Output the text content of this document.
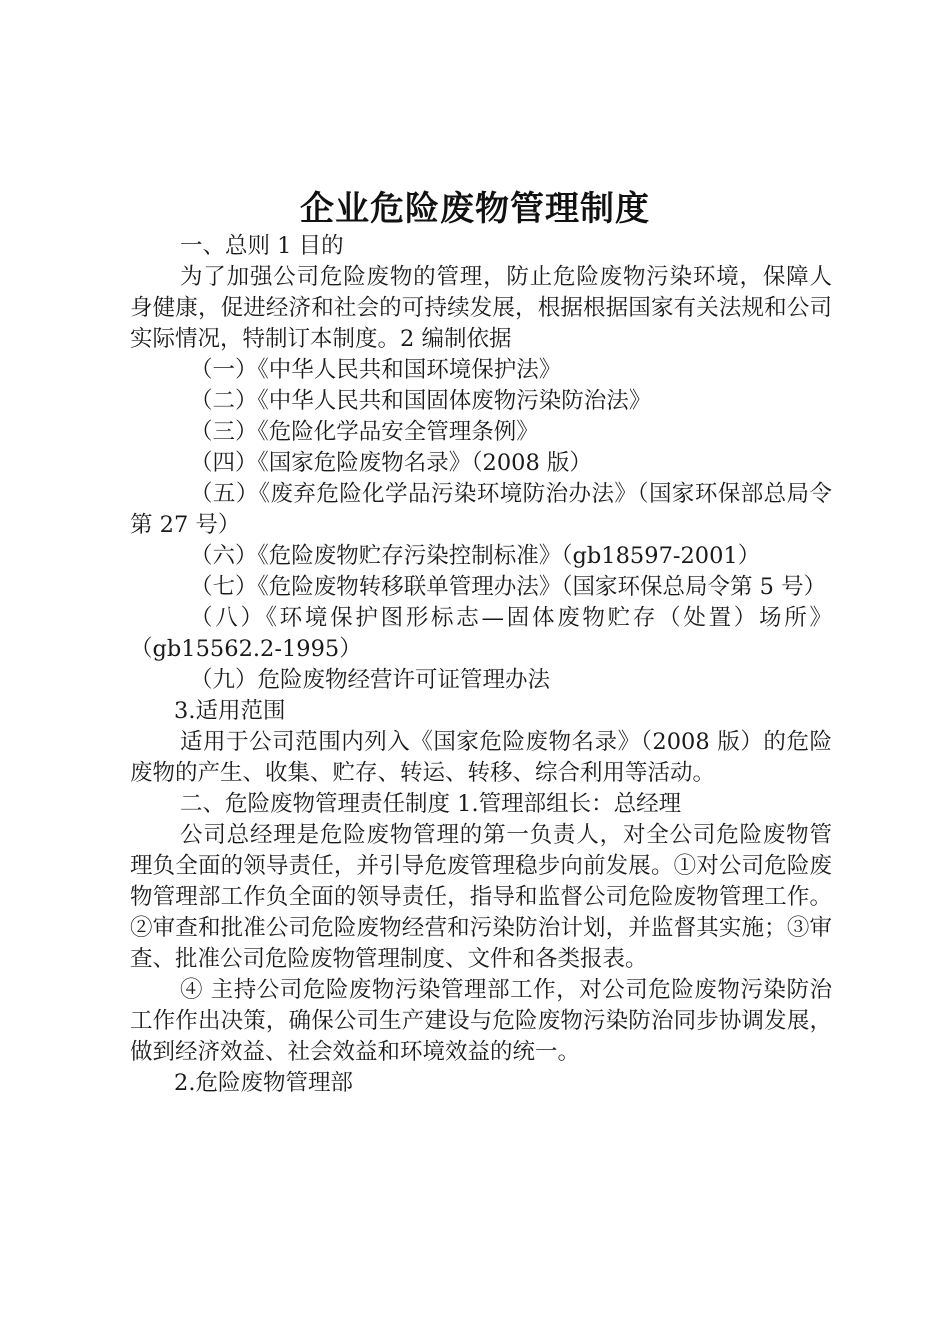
企业危险废物管理制度

一、总则 1 目的

为了加强公司危险废物的管理，防止危险废物污染环境，保障人身健康，促进经济和社会的可持续发展，根据根据国家有关法规和公司实际情况，特制订本制度。2 编制依据

（一）《中华人民共和国环境保护法》

（二）《中华人民共和国固体废物污染防治法》

（三）《危险化学品安全管理条例》

（四）《国家危险废物名录》（2008 版）

（五）《废弃危险化学品污染环境防治办法》（国家环保部总局令第 27 号）

（六）《危险废物贮存污染控制标准》（gb18597-2001）

（七）《危险废物转移联单管理办法》（国家环保总局令第 5 号）

（八）《环境保护图形标志—固体废物贮存（处置）场所》（gb15562.2-1995）

（九）危险废物经营许可证管理办法

3.适用范围

适用于公司范围内列入《国家危险废物名录》（2008 版）的危险废物的产生、收集、贮存、转运、转移、综合利用等活动。

二、危险废物管理责任制度 1.管理部组长：总经理

公司总经理是危险废物管理的第一负责人，对全公司危险废物管理负全面的领导责任，并引导危废管理稳步向前发展。①对公司危险废物管理部工作负全面的领导责任，指导和监督公司危险废物管理工作。②审查和批准公司危险废物经营和污染防治计划，并监督其实施；③审查、批准公司危险废物管理制度、文件和各类报表。

④ 主持公司危险废物污染管理部工作，对公司危险废物污染防治工作作出决策，确保公司生产建设与危险废物污染防治同步协调发展，做到经济效益、社会效益和环境效益的统一。

2.危险废物管理部
